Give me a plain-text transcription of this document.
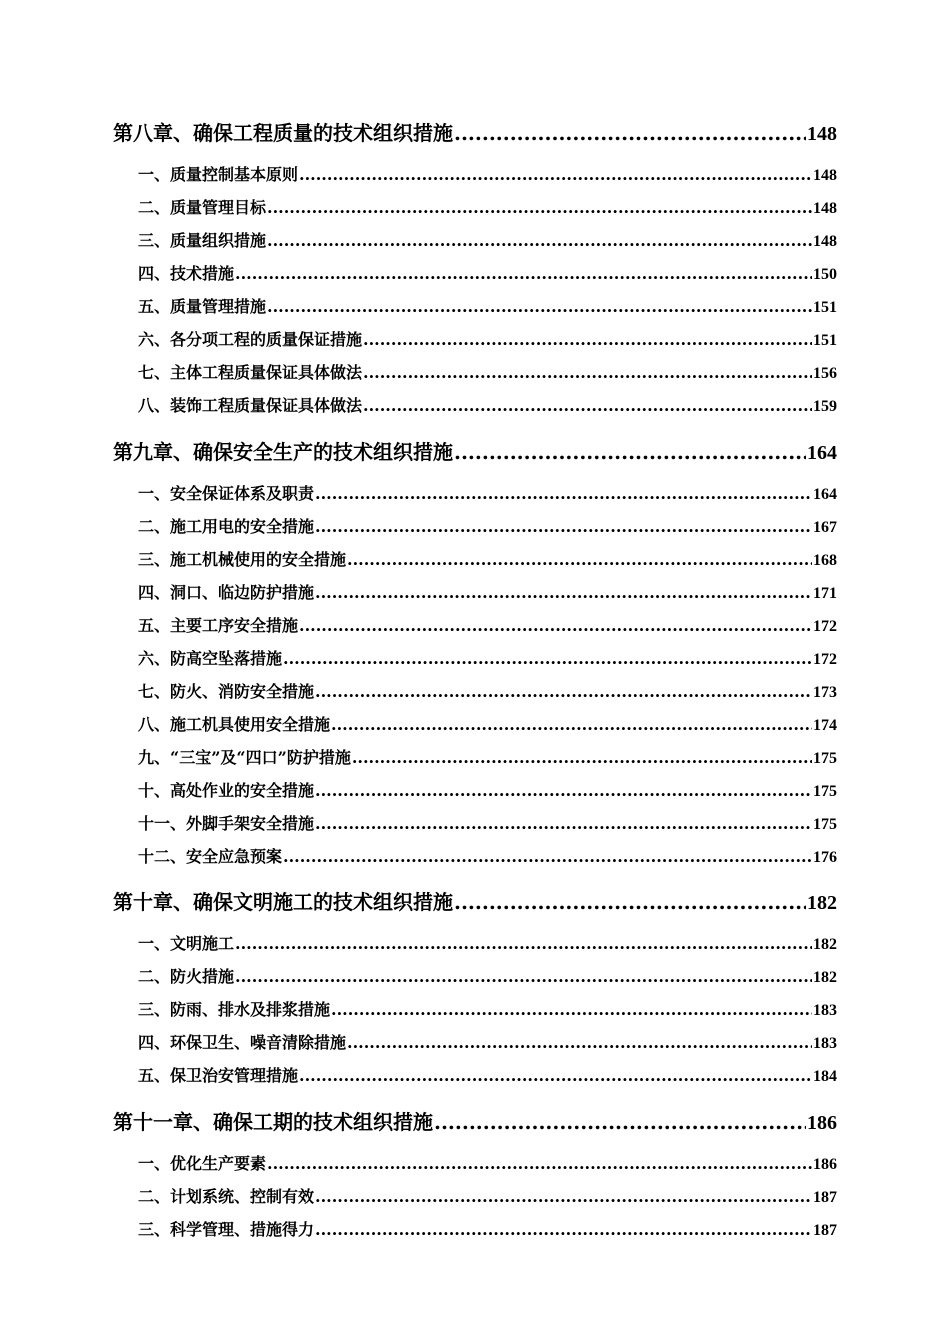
第八章、确保工程质量的技术组织措施 .....	148
一、质量控制基本原则 .....	148
二、质量管理目标 .....	148
三、质量组织措施 .....	148
四、技术措施 .....	150
五、质量管理措施 .....	151
六、各分项工程的质量保证措施 .....	151
七、主体工程质量保证具体做法 .....	156
八、装饰工程质量保证具体做法 .....	159
第九章、确保安全生产的技术组织措施 .....	164
一、安全保证体系及职责 .....	164
二、施工用电的安全措施 .....	167
三、施工机械使用的安全措施 .....	168
四、洞口、临边防护措施 .....	171
五、主要工序安全措施 .....	172
六、防高空坠落措施 .....	172
七、防火、消防安全措施 .....	173
八、施工机具使用安全措施 .....	174
九、“三宝”及“四口”防护措施 .....	175
十、高处作业的安全措施 .....	175
十一、外脚手架安全措施 .....	175
十二、安全应急预案 .....	176
第十章、确保文明施工的技术组织措施 .....	182
一、文明施工 .....	182
二、防火措施 .....	182
三、防雨、排水及排浆措施 .....	183
四、环保卫生、噪音清除措施 .....	183
五、保卫治安管理措施 .....	184
第十一章、确保工期的技术组织措施 .....	186
一、优化生产要素 .....	186
二、计划系统、控制有效 .....	187
三、科学管理、措施得力 .....	187
